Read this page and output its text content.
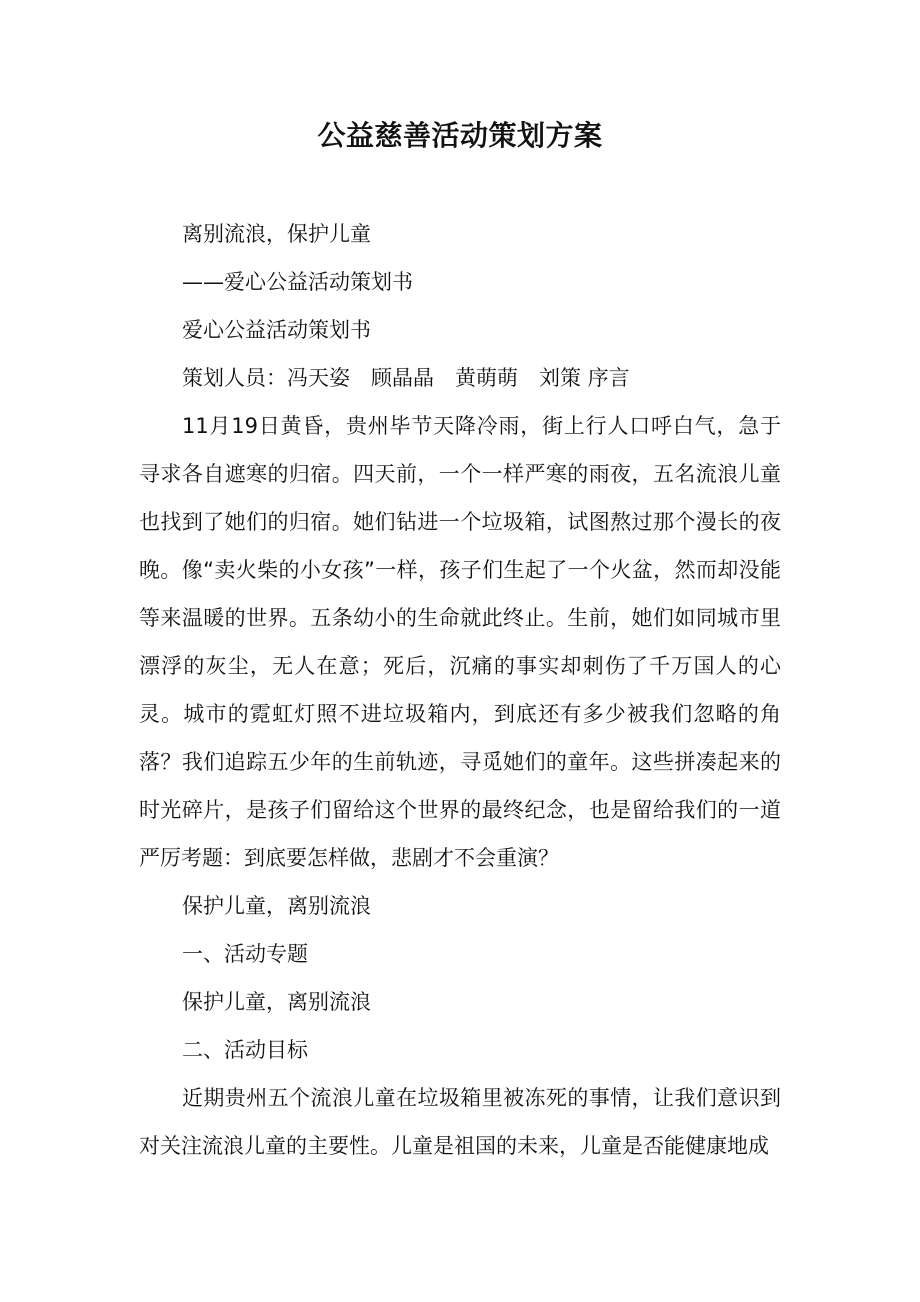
公益慈善活动策划方案

离别流浪，保护儿童

——爱心公益活动策划书

爱心公益活动策划书

策划人员：冯天姿　顾晶晶　黄萌萌　刘策 序言

11月19日黄昏，贵州毕节天降冷雨，街上行人口呼白气，急于寻求各自遮寒的归宿。四天前，一个一样严寒的雨夜，五名流浪儿童也找到了她们的归宿。她们钻进一个垃圾箱，试图熬过那个漫长的夜晚。像“卖火柴的小女孩”一样，孩子们生起了一个火盆，然而却没能等来温暖的世界。五条幼小的生命就此终止。生前，她们如同城市里漂浮的灰尘，无人在意；死后，沉痛的事实却刺伤了千万国人的心灵。城市的霓虹灯照不进垃圾箱内，到底还有多少被我们忽略的角落？我们追踪五少年的生前轨迹，寻觅她们的童年。这些拼凑起来的时光碎片，是孩子们留给这个世界的最终纪念，也是留给我们的一道严厉考题：到底要怎样做，悲剧才不会重演？

保护儿童，离别流浪

一、活动专题

保护儿童，离别流浪

二、活动目标

近期贵州五个流浪儿童在垃圾箱里被冻死的事情，让我们意识到对关注流浪儿童的主要性。儿童是祖国的未来，儿童是否能健康地成
